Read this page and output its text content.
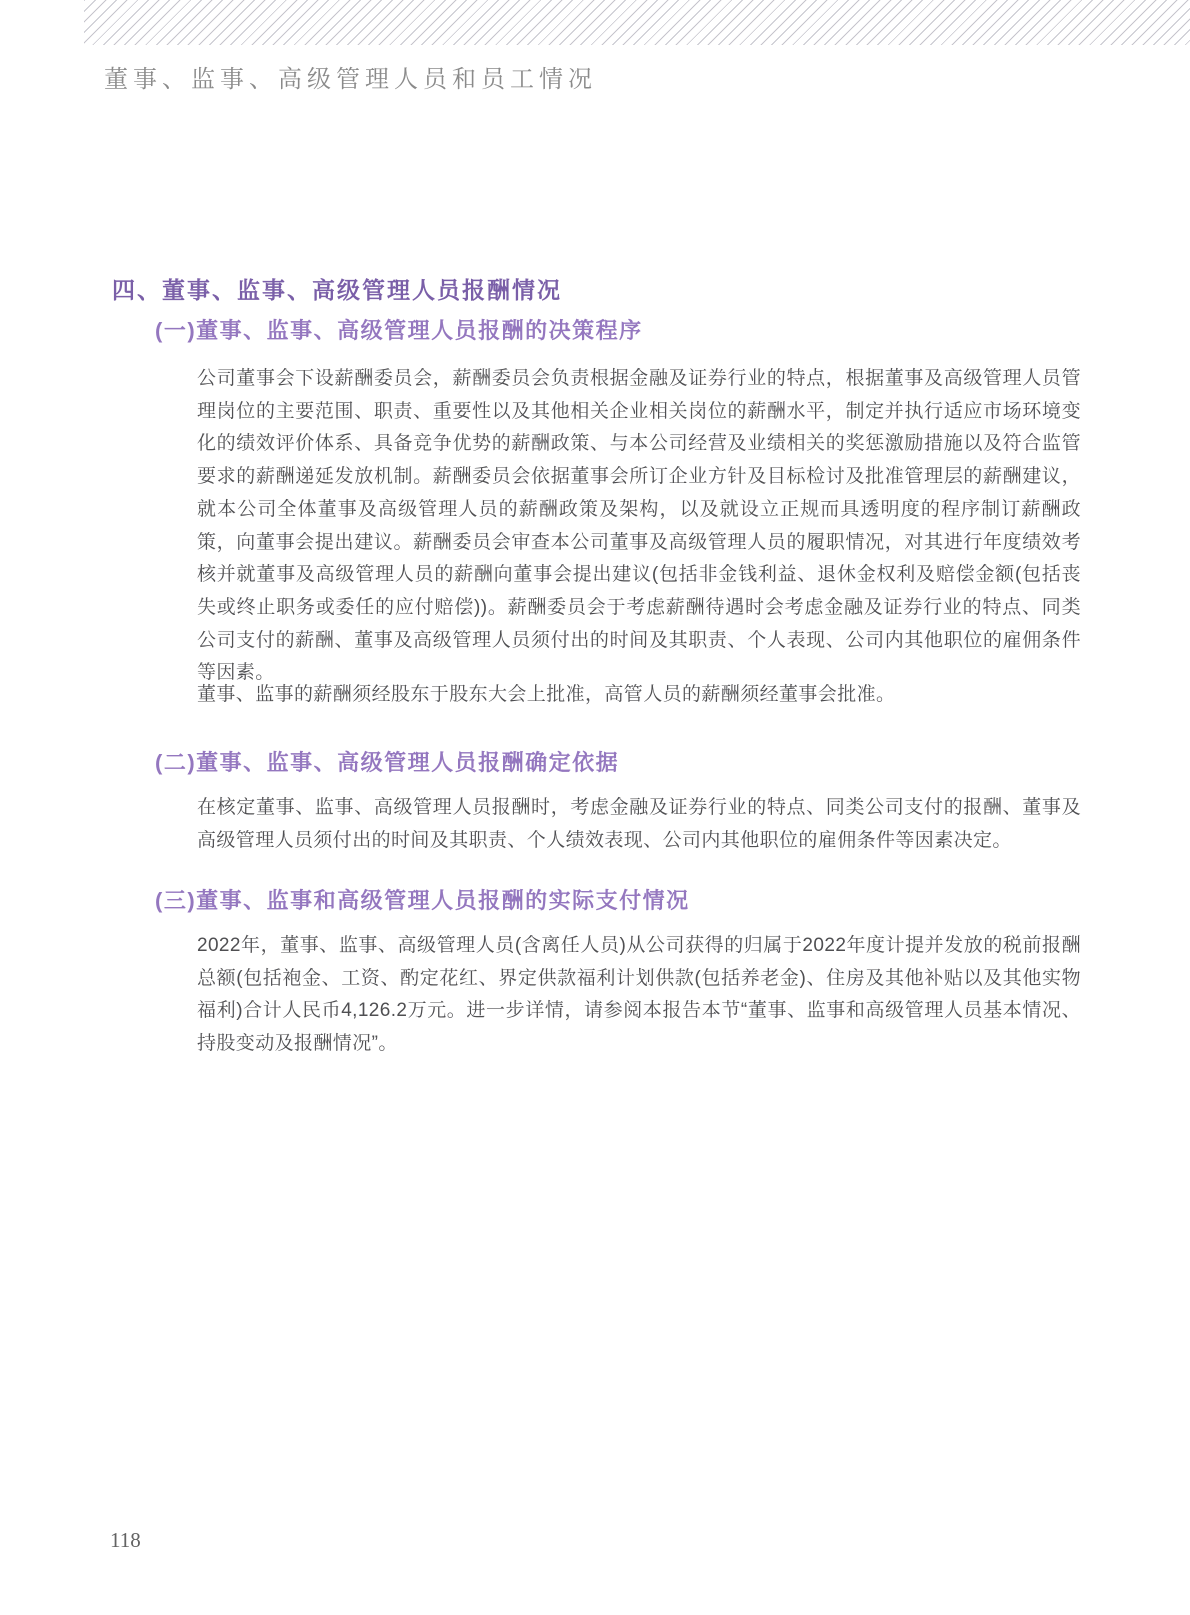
董事、监事、高级管理人员和员工情况
四、董事、监事、高级管理人员报酬情况
(一)董事、监事、高级管理人员报酬的决策程序

公司董事会下设薪酬委员会，薪酬委员会负责根据金融及证券行业的特点，根据董事及高级管理人员管理岗位的主要范围、职责、重要性以及其他相关企业相关岗位的薪酬水平，制定并执行适应市场环境变化的绩效评价体系、具备竞争优势的薪酬政策、与本公司经营及业绩相关的奖惩激励措施以及符合监管要求的薪酬递延发放机制。薪酬委员会依据董事会所订企业方针及目标检讨及批准管理层的薪酬建议，就本公司全体董事及高级管理人员的薪酬政策及架构，以及就设立正规而具透明度的程序制订薪酬政策，向董事会提出建议。薪酬委员会审查本公司董事及高级管理人员的履职情况，对其进行年度绩效考核并就董事及高级管理人员的薪酬向董事会提出建议(包括非金钱利益、退休金权利及赔偿金额(包括丧失或终止职务或委任的应付赔偿))。薪酬委员会于考虑薪酬待遇时会考虑金融及证券行业的特点、同类公司支付的薪酬、董事及高级管理人员须付出的时间及其职责、个人表现、公司内其他职位的雇佣条件等因素。

董事、监事的薪酬须经股东于股东大会上批准，高管人员的薪酬须经董事会批准。

(二)董事、监事、高级管理人员报酬确定依据

在核定董事、监事、高级管理人员报酬时，考虑金融及证券行业的特点、同类公司支付的报酬、董事及高级管理人员须付出的时间及其职责、个人绩效表现、公司内其他职位的雇佣条件等因素决定。

(三)董事、监事和高级管理人员报酬的实际支付情况

2022年，董事、监事、高级管理人员(含离任人员)从公司获得的归属于2022年度计提并发放的税前报酬总额(包括袍金、工资、酌定花红、界定供款福利计划供款(包括养老金)、住房及其他补贴以及其他实物福利)合计人民币4,126.2万元。进一步详情，请参阅本报告本节“董事、监事和高级管理人员基本情况、持股变动及报酬情况”。

118
